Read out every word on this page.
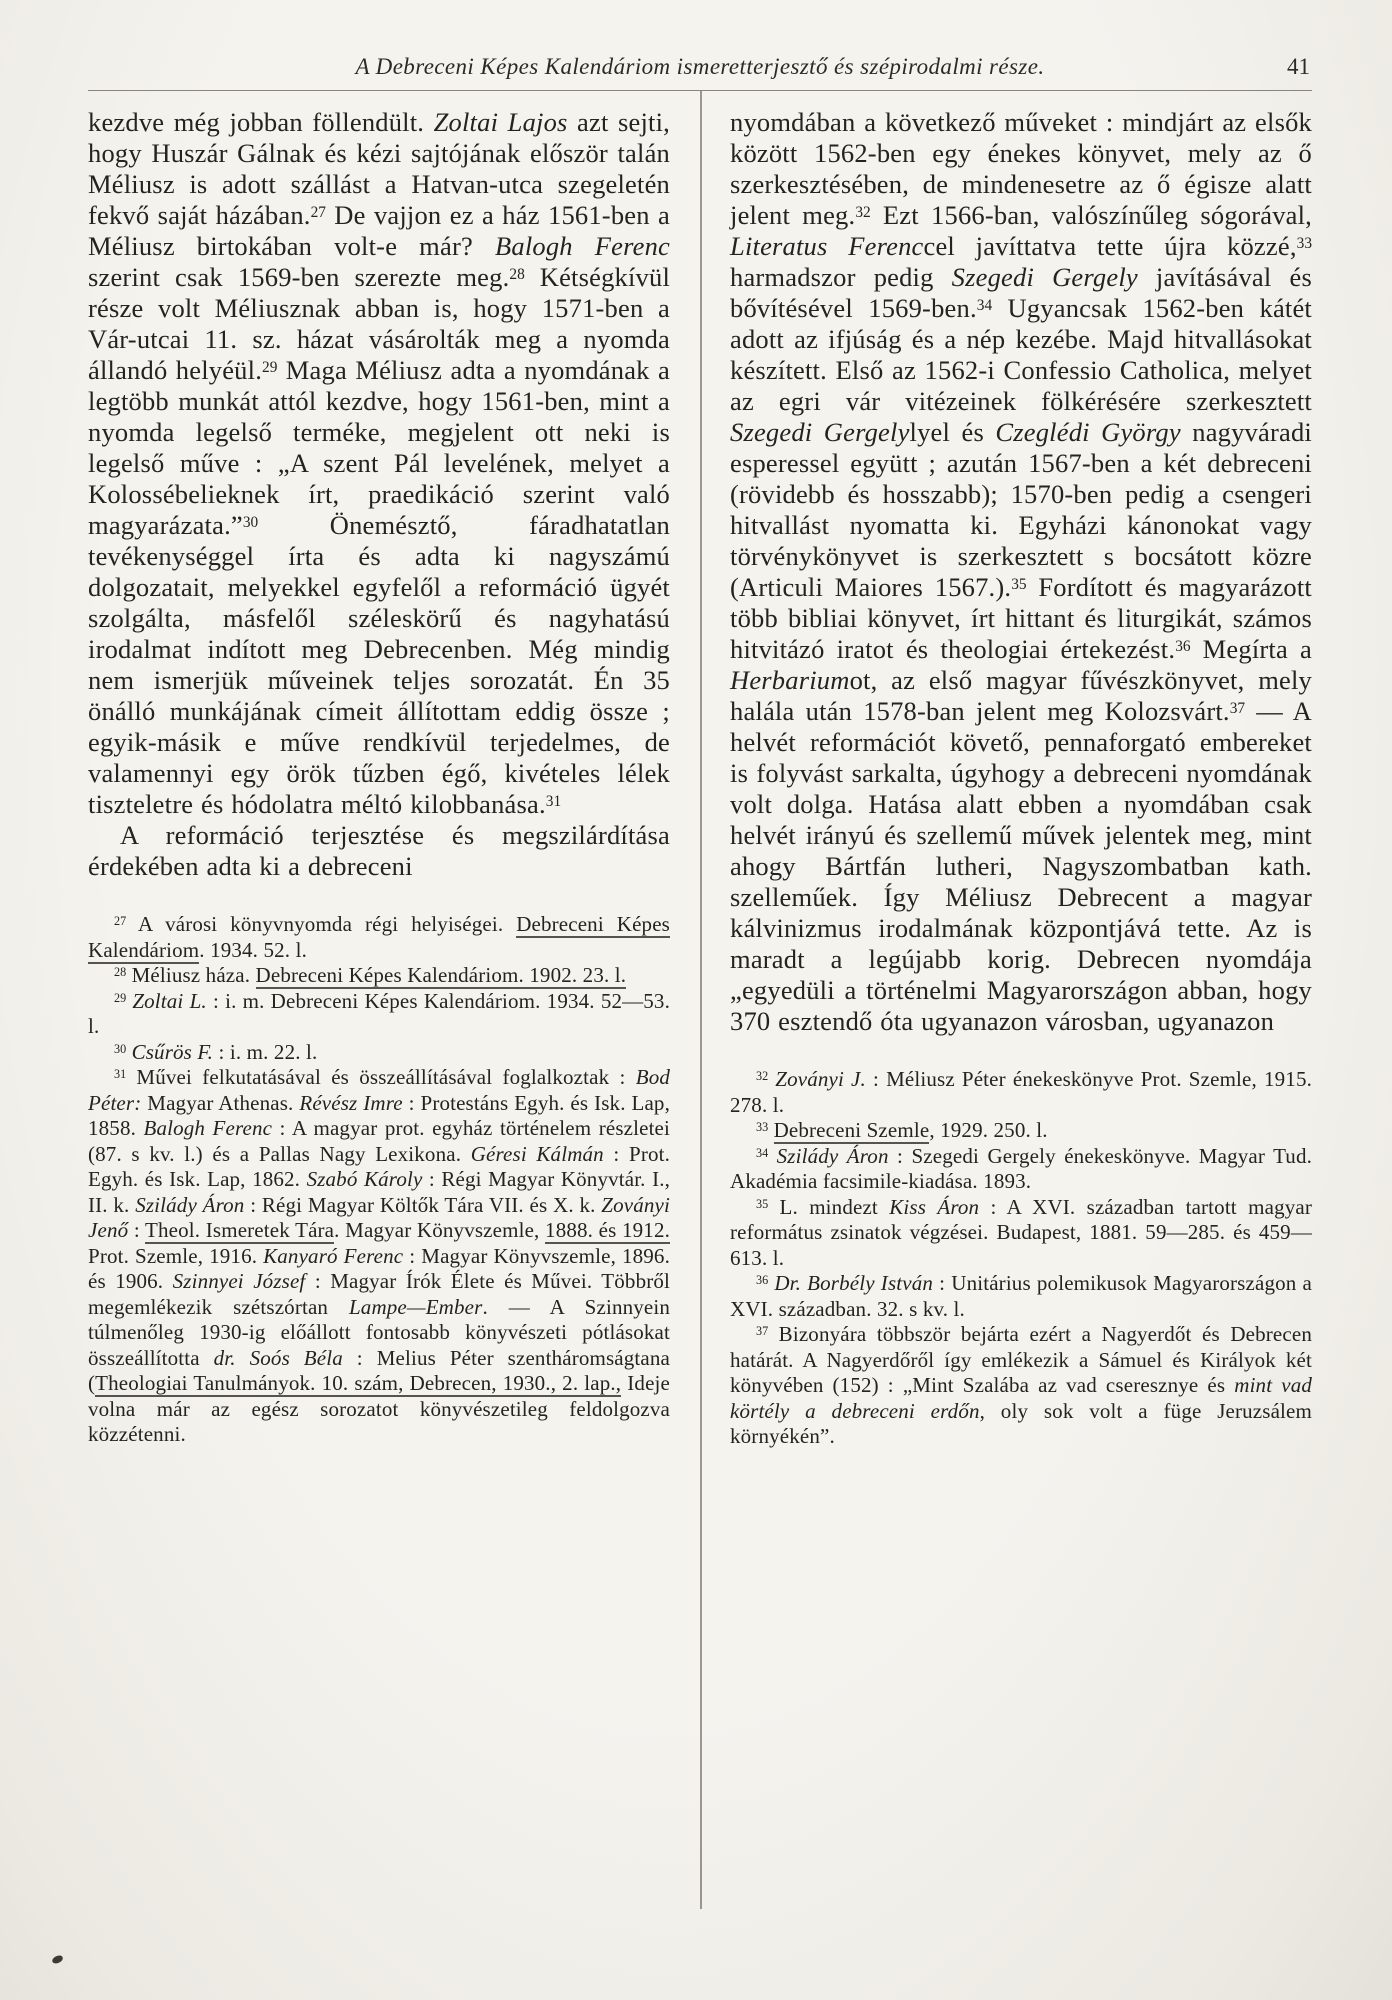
A Debreceni Képes Kalendáriom ismeretterjesztő és szépirodalmi része.	41

kezdve még jobban föllendült. Zoltai Lajos azt sejti, hogy Huszár Gálnak és kézi sajtójának először talán Méliusz is adott szállást a Hatvan-utca szegeletén fekvő saját házában.$^{27}$ De vajjon ez a ház 1561-ben a Méliusz birtokában volt-e már? Balogh Ferenc szerint csak 1569-ben szerezte meg.$^{28}$ Kétségkívül része volt Méliusznak abban is, hogy 1571-ben a Vár-utcai 11. sz. házat vásárolták meg a nyomda állandó helyéül.$^{29}$ Maga Méliusz adta a nyomdának a legtöbb munkát attól kezdve, hogy 1561-ben, mint a nyomda legelső terméke, megjelent ott neki is legelső műve : „A szent Pál levelének, melyet a Kolossébelieknek írt, praedikáció szerint való magyarázata.”$^{30}$ Önemésztő, fáradhatatlan tevékenységgel írta és adta ki nagyszámú dolgozatait, melyekkel egyfelől a reformáció ügyét szolgálta, másfelől széleskörű és nagyhatású irodalmat indított meg Debrecenben. Még mindig nem ismerjük műveinek teljes sorozatát. Én 35 önálló munkájának címeit állítottam eddig össze ; egyik-másik e műve rendkívül terjedelmes, de valamennyi egy örök tűzben égő, kivételes lélek tiszteletre és hódolatra méltó kilobbanása.$^{31}$

A reformáció terjesztése és megszilárdítása érdekében adta ki a debreceni

$^{27}$ A városi könyvnyomda régi helyiségei. Debreceni Képes Kalendáriom. 1934. 52. l.

$^{28}$ Méliusz háza. Debreceni Képes Kalendáriom. 1902. 23. l.

$^{29}$ Zoltai L. : i. m. Debreceni Képes Kalendáriom. 1934. 52—53. l.

$^{30}$ Csűrös F. : i. m. 22. l.

$^{31}$ Művei felkutatásával és összeállításával foglalkoztak : Bod Péter: Magyar Athenas. Révész Imre : Protestáns Egyh. és Isk. Lap, 1858. Balogh Ferenc : A magyar prot. egyház történelem részletei (87. s kv. l.) és a Pallas Nagy Lexikona. Géresi Kálmán : Prot. Egyh. és Isk. Lap, 1862. Szabó Károly : Régi Magyar Könyvtár. I., II. k. Szilády Áron : Régi Magyar Költők Tára VII. és X. k. Zoványi Jenő : Theol. Ismeretek Tára. Magyar Könyvszemle, 1888. és 1912. Prot. Szemle, 1916. Kanyaró Ferenc : Magyar Könyvszemle, 1896. és 1906. Szinnyei József : Magyar Írók Élete és Művei. Többről megemlékezik szétszórtan Lampe—Ember. — A Szinnyein túlmenőleg 1930-ig előállott fontosabb könyvészeti pótlásokat összeállította dr. Soós Béla : Melius Péter szentháromságtana (Theologiai Tanulmányok. 10. szám, Debrecen, 1930., 2. lap., Ideje volna már az egész sorozatot könyvészetileg feldolgozva közzétenni.

nyomdában a következő műveket : mindjárt az elsők között 1562-ben egy énekes könyvet, mely az ő szerkesztésében, de mindenesetre az ő égisze alatt jelent meg.$^{32}$ Ezt 1566-ban, valószínűleg sógorával, Literatus Ferenccel javíttatva tette újra közzé,$^{33}$ harmadszor pedig Szegedi Gergely javításával és bővítésével 1569-ben.$^{34}$ Ugyancsak 1562-ben kátét adott az ifjúság és a nép kezébe. Majd hitvallásokat készített. Első az 1562-i Confessio Catholica, melyet az egri vár vitézeinek fölkérésére szerkesztett Szegedi Gergelylyel és Czeglédi György nagyváradi esperessel együtt ; azután 1567-ben a két debreceni (rövidebb és hosszabb); 1570-ben pedig a csengeri hitvallást nyomatta ki. Egyházi kánonokat vagy törvénykönyvet is szerkesztett s bocsátott közre (Articuli Maiores 1567.).$^{35}$ Fordított és magyarázott több bibliai könyvet, írt hittant és liturgikát, számos hitvitázó iratot és theologiai értekezést.$^{36}$ Megírta a Herbariumot, az első magyar fűvészkönyvet, mely halála után 1578-ban jelent meg Kolozsvárt.$^{37}$ — A helvét reformációt követő, pennaforgató embereket is folyvást sarkalta, úgyhogy a debreceni nyomdának volt dolga. Hatása alatt ebben a nyomdában csak helvét irányú és szellemű művek jelentek meg, mint ahogy Bártfán lutheri, Nagyszombatban kath. szelleműek. Így Méliusz Debrecent a magyar kálvinizmus irodalmának központjává tette. Az is maradt a legújabb korig. Debrecen nyomdája „egyedüli a történelmi Magyarországon abban, hogy 370 esztendő óta ugyanazon városban, ugyanazon

$^{32}$ Zoványi J. : Méliusz Péter énekeskönyve Prot. Szemle, 1915. 278. l.

$^{33}$ Debreceni Szemle, 1929. 250. l.

$^{34}$ Szilády Áron : Szegedi Gergely énekeskönyve. Magyar Tud. Akadémia facsimile-kiadása. 1893.

$^{35}$ L. mindezt Kiss Áron : A XVI. században tartott magyar református zsinatok végzései. Budapest, 1881. 59—285. és 459—613. l.

$^{36}$ Dr. Borbély István : Unitárius polemikusok Magyarországon a XVI. században. 32. s kv. l.

$^{37}$ Bizonyára többször bejárta ezért a Nagyerdőt és Debrecen határát. A Nagyerdőről így emlékezik a Sámuel és Királyok két könyvében (152) : „Mint Szalába az vad cseresznye és mint vad körtély a debreceni erdőn, oly sok volt a füge Jeruzsálem környékén”.
